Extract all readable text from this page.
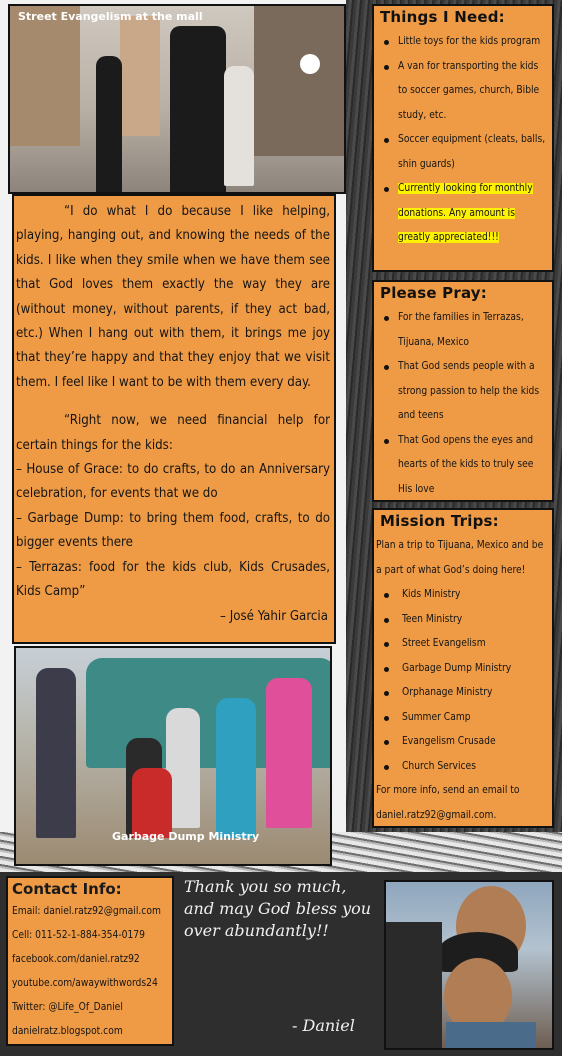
Street Evangelism at the mall

“I do what I do because I like helping, playing, hanging out, and knowing the needs of the kids. I like when they smile when we have them see that God loves them exactly the way they are (without money, without parents, if they act bad, etc.) When I hang out with them, it brings me joy that they’re happy and that they enjoy that we visit them. I feel like I want to be with them every day.

“Right now, we need financial help for certain things for the kids:

– House of Grace: to do crafts, to do an Anniversary celebration, for events that we do

– Garbage Dump: to bring them food, crafts, to do bigger events there

– Terrazas: food for the kids club, Kids Crusades, Kids Camp”

– José Yahir Garcia

Garbage Dump Ministry
Things I Need:
Little toys for the kids program
A van for transporting the kids to soccer games, church, Bible study, etc.
Soccer equipment (cleats, balls, shin guards)
Currently looking for monthly donations. Any amount is greatly appreciated!!!
Please Pray:
For the families in Terrazas, Tijuana, Mexico
That God sends people with a strong passion to help the kids and teens
That God opens the eyes and hearts of the kids to truly see His love
Mission Trips:

Plan a trip to Tijuana, Mexico and be a part of what God’s doing here!

Kids Ministry
Teen Ministry
Street Evangelism
Garbage Dump Ministry
Orphanage Ministry
Summer Camp
Evangelism Crusade
Church Services

For more info, send an email to daniel.ratz92@gmail.com.

Contact Info:
Email: daniel.ratz92@gmail.com
Cell: 011-52-1-884-354-0179
facebook.com/daniel.ratz92
youtube.com/awaywithwords24
Twitter: @Life_Of_Daniel
danielratz.blogspot.com
Thank you so much, and may God bless you over abundantly!!
- Daniel
